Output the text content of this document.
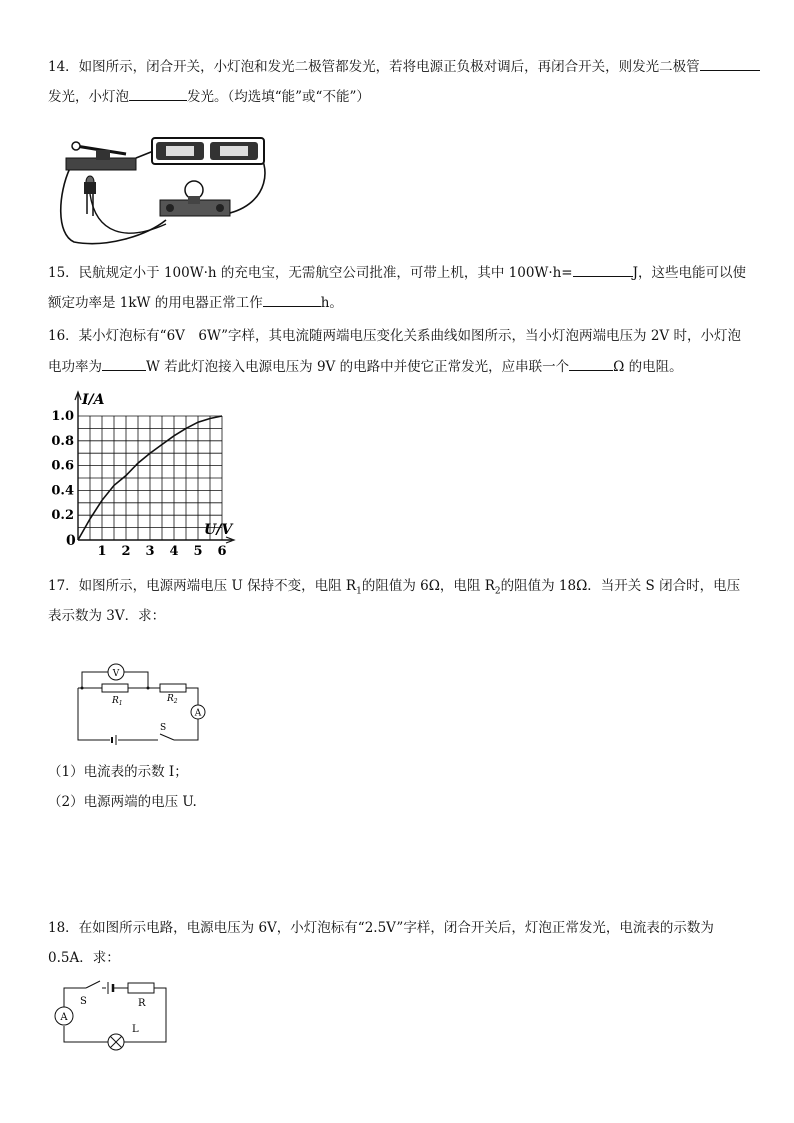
14．如图所示，闭合开关，小灯泡和发光二极管都发光，若将电源正负极对调后，再闭合开关，则发光二极管
发光，小灯泡	发光。（均选填“能”或“不能”）
15．民航规定小于 100W·h 的充电宝，无需航空公司批准，可带上机，其中 100W·h=	J，这些电能可以使
额定功率是 1kW 的用电器正常工作	h。
16．某小灯泡标有“6V　6W”字样，其电流随两端电压变化关系曲线如图所示，当小灯泡两端电压为 2V 时，小灯泡
电功率为	W 若此灯泡接入电源电压为 9V 的电路中并使它正常发光，应串联一个	Ω 的电阻。
1 2 3 4 5 6
0.2
0.4
0.6
0.8
1.0
I/A
U/V
0
17．如图所示，电源两端电压 U 保持不变，电阻 $R_1$的阻值为 6Ω，电阻 $R_2$的阻值为 18Ω．当开关 S 闭合时，电压
表示数为 3V．求：
V
$R_1$	$R_2$
A
S
（1）电流表的示数 I；
（2）电源两端的电压 U.
18．在如图所示电路，电源电压为 6V，小灯泡标有“2.5V”字样，闭合开关后，灯泡正常发光，电流表的示数为
0.5A．求：
S	R
L
A
